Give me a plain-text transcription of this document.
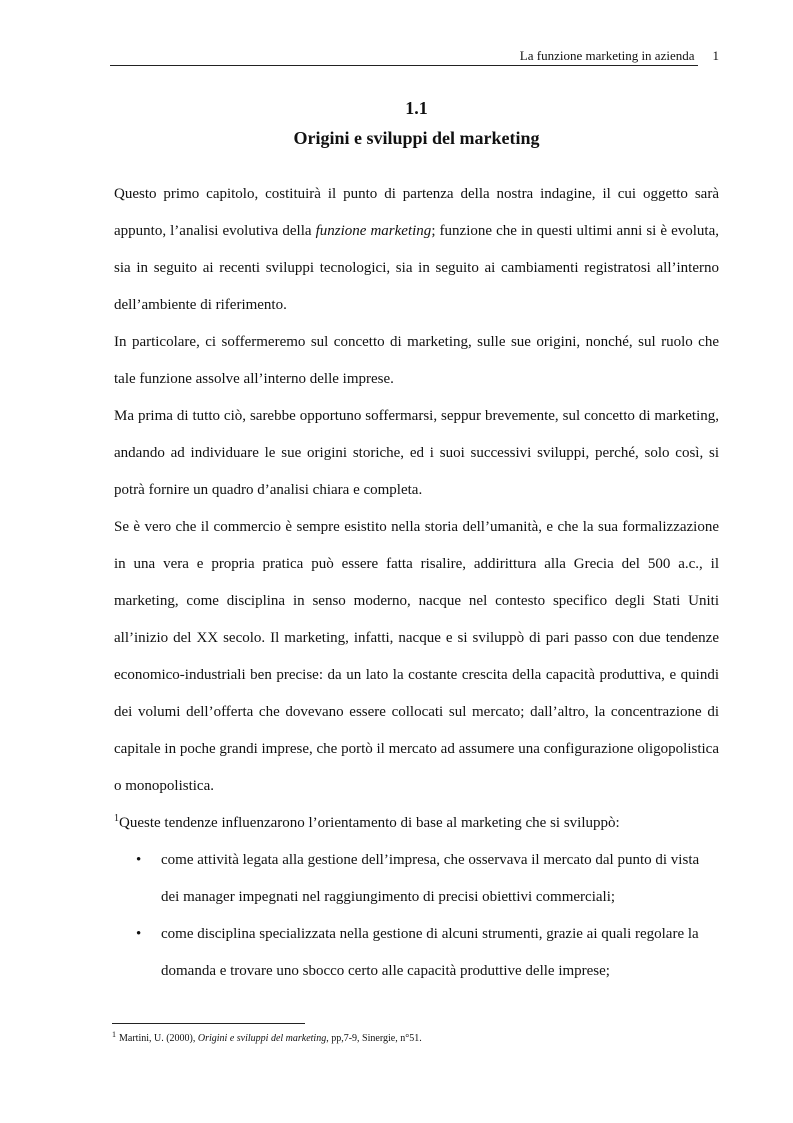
La funzione marketing in azienda 1
1.1
Origini e sviluppi del marketing

Questo primo capitolo, costituirà il punto di partenza della nostra indagine, il cui oggetto sarà appunto, l’analisi evolutiva della funzione marketing; funzione che in questi ultimi anni si è evoluta, sia in seguito ai recenti sviluppi tecnologici, sia in seguito ai cambiamenti registratosi all’interno dell’ambiente di riferimento.

In particolare, ci soffermeremo sul concetto di marketing, sulle sue origini, nonché, sul ruolo che tale funzione assolve all’interno delle imprese.

Ma prima di tutto ciò, sarebbe opportuno soffermarsi, seppur brevemente, sul concetto di marketing, andando ad individuare le sue origini storiche, ed i suoi successivi sviluppi, perché, solo così, si potrà fornire un quadro d’analisi chiara e completa.

Se è vero che il commercio è sempre esistito nella storia dell’umanità, e che la sua formalizzazione in una vera e propria pratica può essere fatta risalire, addirittura alla Grecia del 500 a.c., il marketing, come disciplina in senso moderno, nacque nel contesto specifico degli Stati Uniti all’inizio del XX secolo. Il marketing, infatti, nacque e si sviluppò di pari passo con due tendenze economico-industriali ben precise: da un lato la costante crescita della capacità produttiva, e quindi dei volumi dell’offerta che dovevano essere collocati sul mercato; dall’altro, la concentrazione di capitale in poche grandi imprese, che portò il mercato ad assumere una configurazione oligopolistica o monopolistica.

$^1$Queste tendenze influenzarono l’orientamento di base al marketing che si sviluppò:

• come attività legata alla gestione dell’impresa, che osservava il mercato dal punto di vista dei manager impegnati nel raggiungimento di precisi obiettivi commerciali;
• come disciplina specializzata nella gestione di alcuni strumenti, grazie ai quali regolare la domanda e trovare uno sbocco certo alle capacità produttive delle imprese;
$^1$ Martini, U. (2000), Origini e sviluppi del marketing, pp,7-9, Sinergie, n°51.
